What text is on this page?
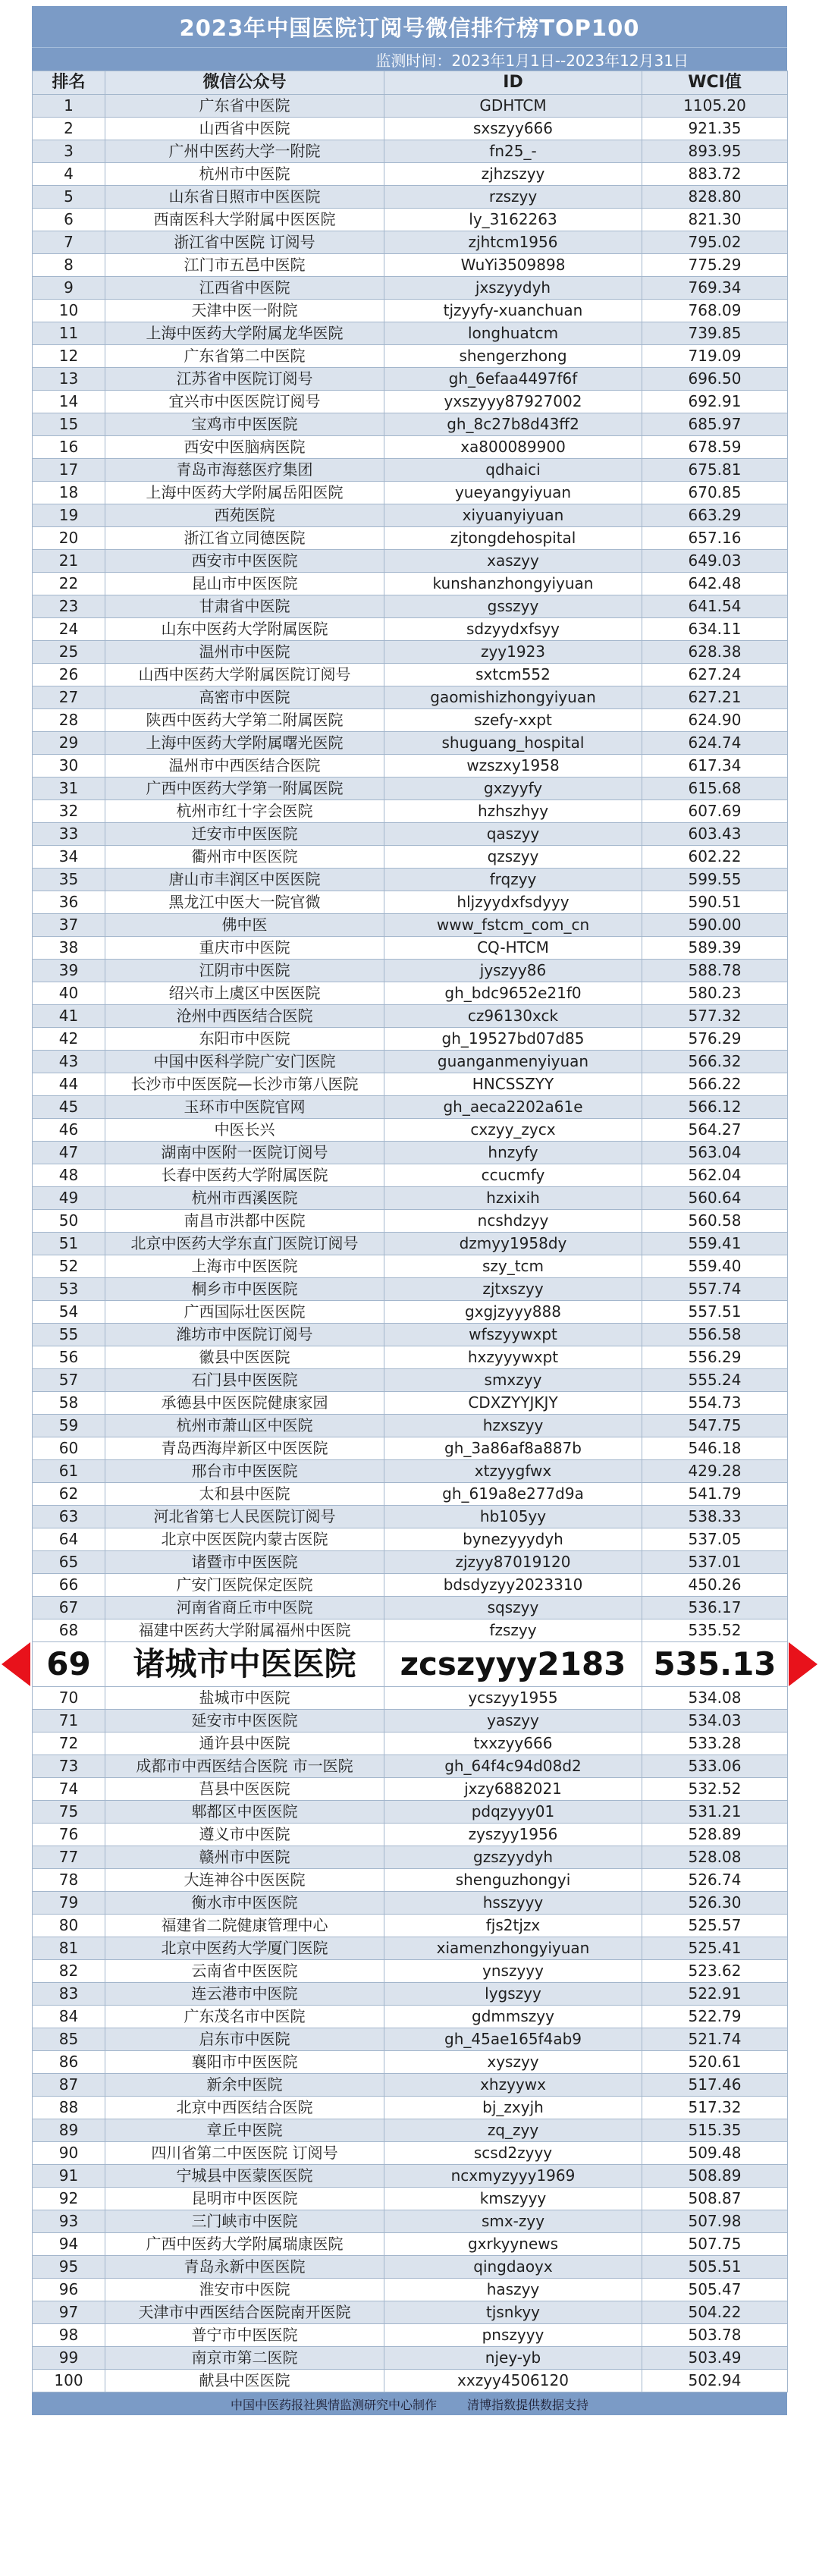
2023年中国医院订阅号微信排行榜TOP100
监测时间：2023年1月1日--2023年12月31日
排名	微信公众号	ID	WCI值
1	广东省中医院	GDHTCM	1105.20
2	山西省中医院	sxszyy666	921.35
3	广州中医药大学一附院	fn25_-	893.95
4	杭州市中医院	zjhzszyy	883.72
5	山东省日照市中医医院	rzszyy	828.80
6	西南医科大学附属中医医院	ly_3162263	821.30
7	浙江省中医院 订阅号	zjhtcm1956	795.02
8	江门市五邑中医院	WuYi3509898	775.29
9	江西省中医院	jxszyydyh	769.34
10	天津中医一附院	tjzyyfy-xuanchuan	768.09
11	上海中医药大学附属龙华医院	longhuatcm	739.85
12	广东省第二中医院	shengerzhong	719.09
13	江苏省中医院订阅号	gh_6efaa4497f6f	696.50
14	宜兴市中医医院订阅号	yxszyyy87927002	692.91
15	宝鸡市中医医院	gh_8c27b8d43ff2	685.97
16	西安中医脑病医院	xa800089900	678.59
17	青岛市海慈医疗集团	qdhaici	675.81
18	上海中医药大学附属岳阳医院	yueyangyiyuan	670.85
19	西苑医院	xiyuanyiyuan	663.29
20	浙江省立同德医院	zjtongdehospital	657.16
21	西安市中医医院	xaszyy	649.03
22	昆山市中医医院	kunshanzhongyiyuan	642.48
23	甘肃省中医院	gsszyy	641.54
24	山东中医药大学附属医院	sdzyydxfsyy	634.11
25	温州市中医院	zyy1923	628.38
26	山西中医药大学附属医院订阅号	sxtcm552	627.24
27	高密市中医院	gaomishizhongyiyuan	627.21
28	陕西中医药大学第二附属医院	szefy-xxpt	624.90
29	上海中医药大学附属曙光医院	shuguang_hospital	624.74
30	温州市中西医结合医院	wzszxy1958	617.34
31	广西中医药大学第一附属医院	gxzyyfy	615.68
32	杭州市红十字会医院	hzhszhyy	607.69
33	迁安市中医医院	qaszyy	603.43
34	衢州市中医医院	qzszyy	602.22
35	唐山市丰润区中医医院	frqzyy	599.55
36	黑龙江中医大一院官微	hljzyydxfsdyyy	590.51
37	佛中医	www_fstcm_com_cn	590.00
38	重庆市中医院	CQ-HTCM	589.39
39	江阴市中医院	jyszyy86	588.78
40	绍兴市上虞区中医医院	gh_bdc9652e21f0	580.23
41	沧州中西医结合医院	cz96130xck	577.32
42	东阳市中医院	gh_19527bd07d85	576.29
43	中国中医科学院广安门医院	guanganmenyiyuan	566.32
44	长沙市中医医院—长沙市第八医院	HNCSSZYY	566.22
45	玉环市中医院官网	gh_aeca2202a61e	566.12
46	中医长兴	cxzyy_zycx	564.27
47	湖南中医附一医院订阅号	hnzyfy	563.04
48	长春中医药大学附属医院	ccucmfy	562.04
49	杭州市西溪医院	hzxixih	560.64
50	南昌市洪都中医院	ncshdzyy	560.58
51	北京中医药大学东直门医院订阅号	dzmyy1958dy	559.41
52	上海市中医医院	szy_tcm	559.40
53	桐乡市中医医院	zjtxszyy	557.74
54	广西国际壮医医院	gxgjzyyy888	557.51
55	潍坊市中医院订阅号	wfszyywxpt	556.58
56	徽县中医医院	hxzyyywxpt	556.29
57	石门县中医医院	smxzyy	555.24
58	承德县中医医院健康家园	CDXZYYJKJY	554.73
59	杭州市萧山区中医院	hzxszyy	547.75
60	青岛西海岸新区中医医院	gh_3a86af8a887b	546.18
61	邢台市中医医院	xtzyygfwx	429.28
62	太和县中医院	gh_619a8e277d9a	541.79
63	河北省第七人民医院订阅号	hb105yy	538.33
64	北京中医医院内蒙古医院	bynezyyydyh	537.05
65	诸暨市中医医院	zjzyy87019120	537.01
66	广安门医院保定医院	bdsdyzyy2023310	450.26
67	河南省商丘市中医院	sqszyy	536.17
68	福建中医药大学附属福州中医院	fzszyy	535.52
69	诸城市中医医院	zcszyyy2183	535.13
70	盐城市中医院	ycszyy1955	534.08
71	延安市中医医院	yaszyy	534.03
72	通许县中医院	txxzyy666	533.28
73	成都市中西医结合医院 市一医院	gh_64f4c94d08d2	533.06
74	莒县中医医院	jxzy6882021	532.52
75	郫都区中医医院	pdqzyyy01	531.21
76	遵义市中医院	zyszyy1956	528.89
77	赣州市中医院	gzszyydyh	528.08
78	大连神谷中医医院	shenguzhongyi	526.74
79	衡水市中医医院	hsszyyy	526.30
80	福建省二院健康管理中心	fjs2tjzx	525.57
81	北京中医药大学厦门医院	xiamenzhongyiyuan	525.41
82	云南省中医医院	ynszyyy	523.62
83	连云港市中医院	lygszyy	522.91
84	广东茂名市中医院	gdmmszyy	522.79
85	启东市中医院	gh_45ae165f4ab9	521.74
86	襄阳市中医医院	xyszyy	520.61
87	新余中医院	xhzyywx	517.46
88	北京中西医结合医院	bj_zxyjh	517.32
89	章丘中医院	zq_zyy	515.35
90	四川省第二中医医院 订阅号	scsd2zyyy	509.48
91	宁城县中医蒙医医院	ncxmyzyyy1969	508.89
92	昆明市中医医院	kmszyyy	508.87
93	三门峡市中医院	smx-zyy	507.98
94	广西中医药大学附属瑞康医院	gxrkyynews	507.75
95	青岛永新中医医院	qingdaoyx	505.51
96	淮安市中医院	haszyy	505.47
97	天津市中西医结合医院南开医院	tjsnkyy	504.22
98	普宁市中医医院	pnszyyy	503.78
99	南京市第二医院	njey-yb	503.49
100	献县中医医院	xxzyy4506120	502.94
中国中医药报社舆情监测研究中心制作	清博指数提供数据支持
